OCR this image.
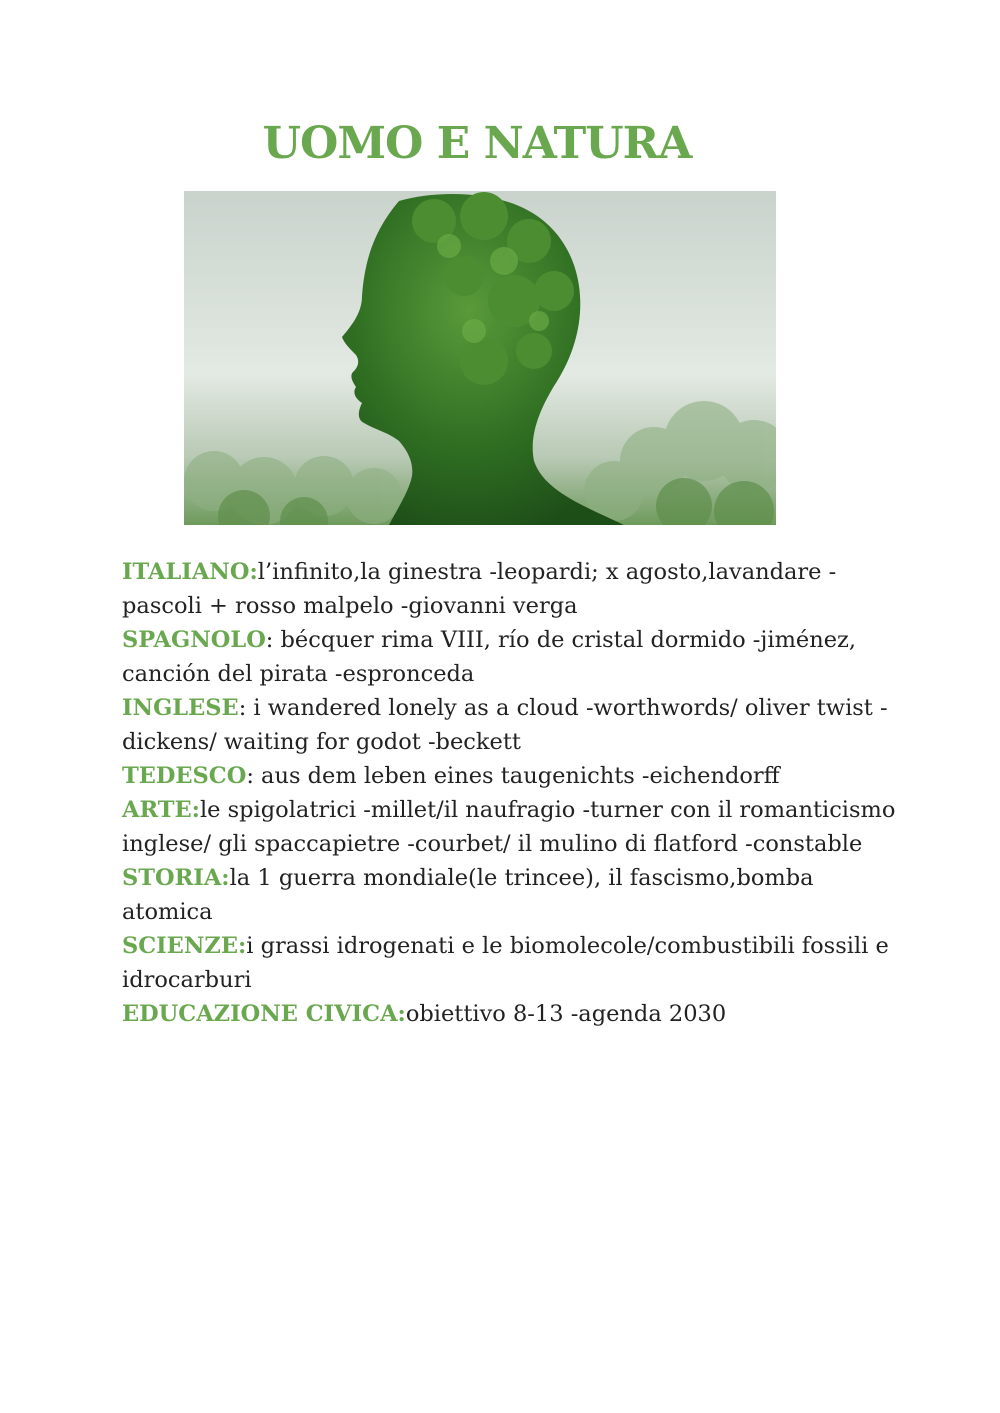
UOMO E NATURA

ITALIANO:l’infinito,la ginestra -leopardi; x agosto,lavandare -pascoli + rosso malpelo -giovanni verga

SPAGNOLO: bécquer rima VIII, río de cristal dormido -jiménez, canción del pirata -espronceda

INGLESE: i wandered lonely as a cloud -worthwords/ oliver twist -dickens/ waiting for godot -beckett

TEDESCO: aus dem leben eines taugenichts -eichendorff

ARTE:le spigolatrici -millet/il naufragio -turner con il romanticismo inglese/ gli spaccapietre -courbet/ il mulino di flatford -constable

STORIA:la 1 guerra mondiale(le trincee), il fascismo,bomba atomica

SCIENZE:i grassi idrogenati e le biomolecole/combustibili fossili e idrocarburi

EDUCAZIONE CIVICA:obiettivo 8-13 -agenda 2030
